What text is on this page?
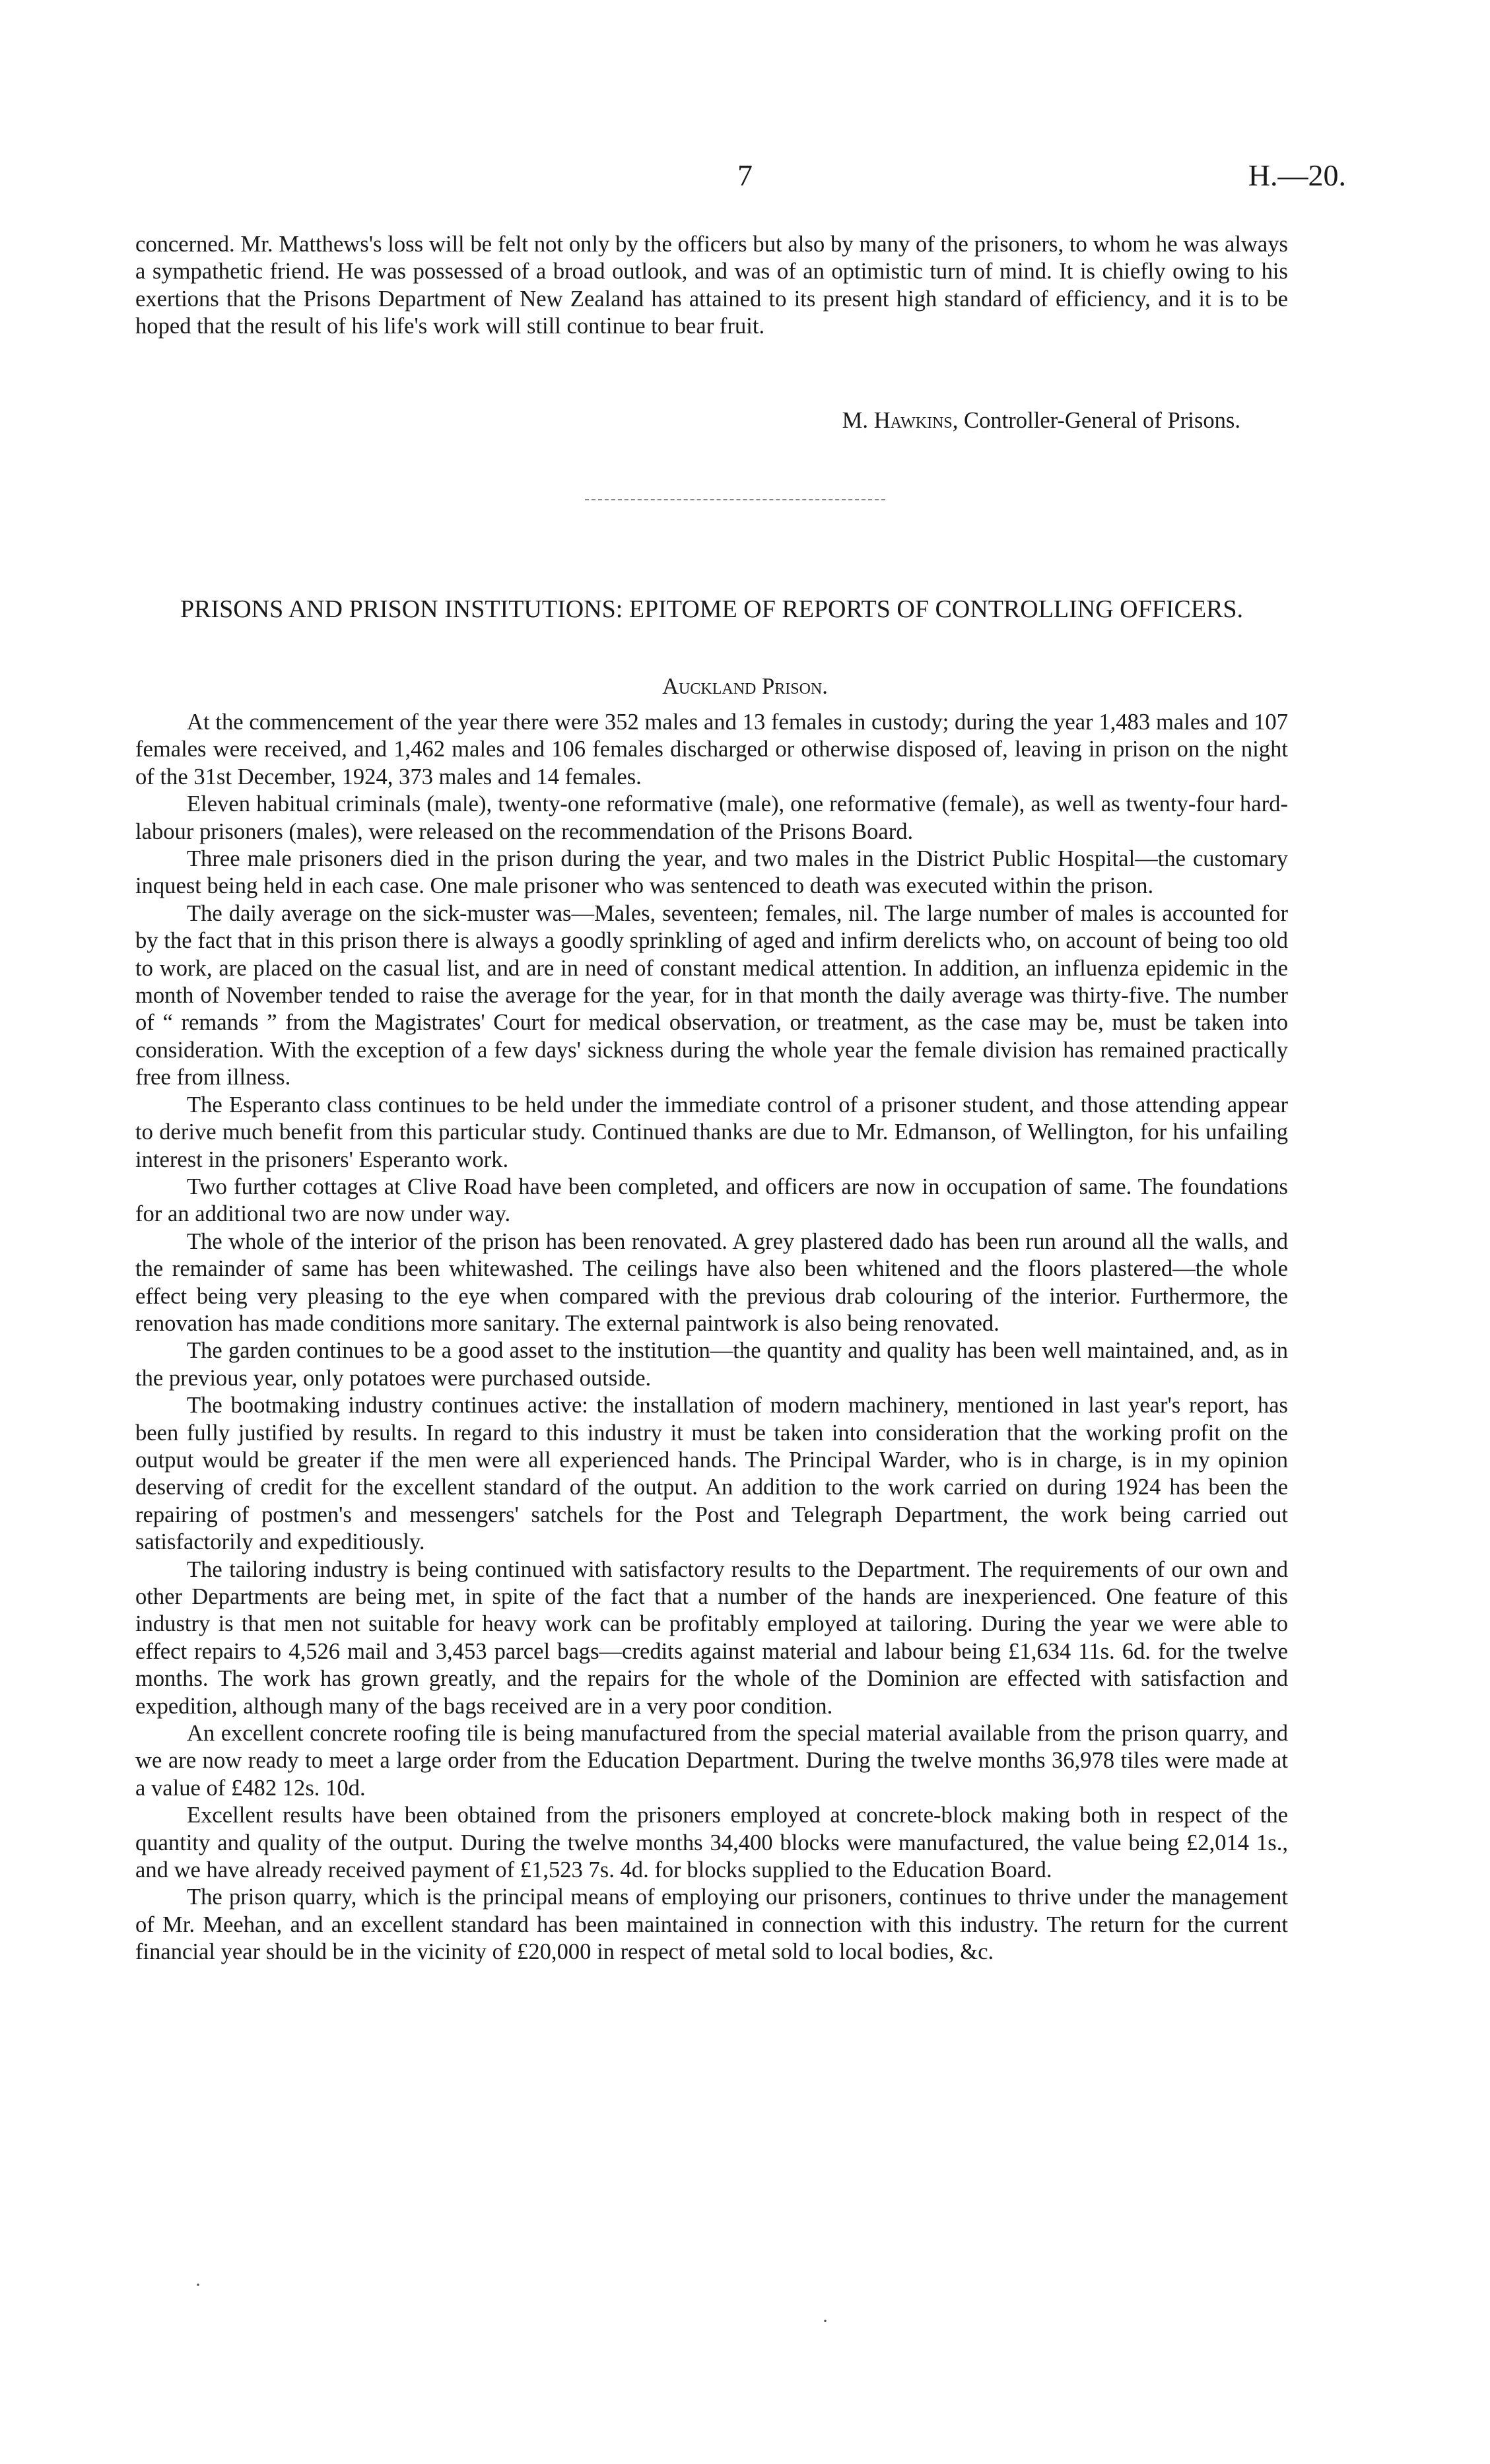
7	H.—20.

concerned. Mr. Matthews's loss will be felt not only by the officers but also by many of the prisoners, to whom he was always a sympathetic friend. He was possessed of a broad outlook, and was of an optimistic turn of mind. It is chiefly owing to his exertions that the Prisons Department of New Zealand has attained to its present high standard of efficiency, and it is to be hoped that the result of his life's work will still continue to bear fruit.

M. Hawkins, Controller-General of Prisons.
PRISONS AND PRISON INSTITUTIONS: EPITOME OF REPORTS OF CONTROLLING OFFICERS.
Auckland Prison.

At the commencement of the year there were 352 males and 13 females in custody; during the year 1,483 males and 107 females were received, and 1,462 males and 106 females discharged or otherwise disposed of, leaving in prison on the night of the 31st December, 1924, 373 males and 14 females.

Eleven habitual criminals (male), twenty-one reformative (male), one reformative (female), as well as twenty-four hard-labour prisoners (males), were released on the recommendation of the Prisons Board.

Three male prisoners died in the prison during the year, and two males in the District Public Hospital—the customary inquest being held in each case. One male prisoner who was sentenced to death was executed within the prison.

The daily average on the sick-muster was—Males, seventeen; females, nil. The large number of males is accounted for by the fact that in this prison there is always a goodly sprinkling of aged and infirm derelicts who, on account of being too old to work, are placed on the casual list, and are in need of constant medical attention. In addition, an influenza epidemic in the month of November tended to raise the average for the year, for in that month the daily average was thirty-five. The number of “ remands ” from the Magistrates' Court for medical observation, or treatment, as the case may be, must be taken into consideration. With the exception of a few days' sickness during the whole year the female division has remained practically free from illness.

The Esperanto class continues to be held under the immediate control of a prisoner student, and those attending appear to derive much benefit from this particular study. Continued thanks are due to Mr. Edmanson, of Wellington, for his unfailing interest in the prisoners' Esperanto work.

Two further cottages at Clive Road have been completed, and officers are now in occupation of same. The foundations for an additional two are now under way.

The whole of the interior of the prison has been renovated. A grey plastered dado has been run around all the walls, and the remainder of same has been whitewashed. The ceilings have also been whitened and the floors plastered—the whole effect being very pleasing to the eye when compared with the previous drab colouring of the interior. Furthermore, the renovation has made conditions more sanitary. The external paintwork is also being renovated.

The garden continues to be a good asset to the institution—the quantity and quality has been well maintained, and, as in the previous year, only potatoes were purchased outside.

The bootmaking industry continues active: the installation of modern machinery, mentioned in last year's report, has been fully justified by results. In regard to this industry it must be taken into consideration that the working profit on the output would be greater if the men were all experienced hands. The Principal Warder, who is in charge, is in my opinion deserving of credit for the excellent standard of the output. An addition to the work carried on during 1924 has been the repairing of postmen's and messengers' satchels for the Post and Telegraph Department, the work being carried out satisfactorily and expeditiously.

The tailoring industry is being continued with satisfactory results to the Department. The requirements of our own and other Departments are being met, in spite of the fact that a number of the hands are inexperienced. One feature of this industry is that men not suitable for heavy work can be profitably employed at tailoring. During the year we were able to effect repairs to 4,526 mail and 3,453 parcel bags—credits against material and labour being £1,634 11s. 6d. for the twelve months. The work has grown greatly, and the repairs for the whole of the Dominion are effected with satisfaction and expedition, although many of the bags received are in a very poor condition.

An excellent concrete roofing tile is being manufactured from the special material available from the prison quarry, and we are now ready to meet a large order from the Education Department. During the twelve months 36,978 tiles were made at a value of £482 12s. 10d.

Excellent results have been obtained from the prisoners employed at concrete-block making both in respect of the quantity and quality of the output. During the twelve months 34,400 blocks were manufactured, the value being £2,014 1s., and we have already received payment of £1,523 7s. 4d. for blocks supplied to the Education Board.

The prison quarry, which is the principal means of employing our prisoners, continues to thrive under the management of Mr. Meehan, and an excellent standard has been maintained in connection with this industry. The return for the current financial year should be in the vicinity of £20,000 in respect of metal sold to local bodies, &c.

·
·
